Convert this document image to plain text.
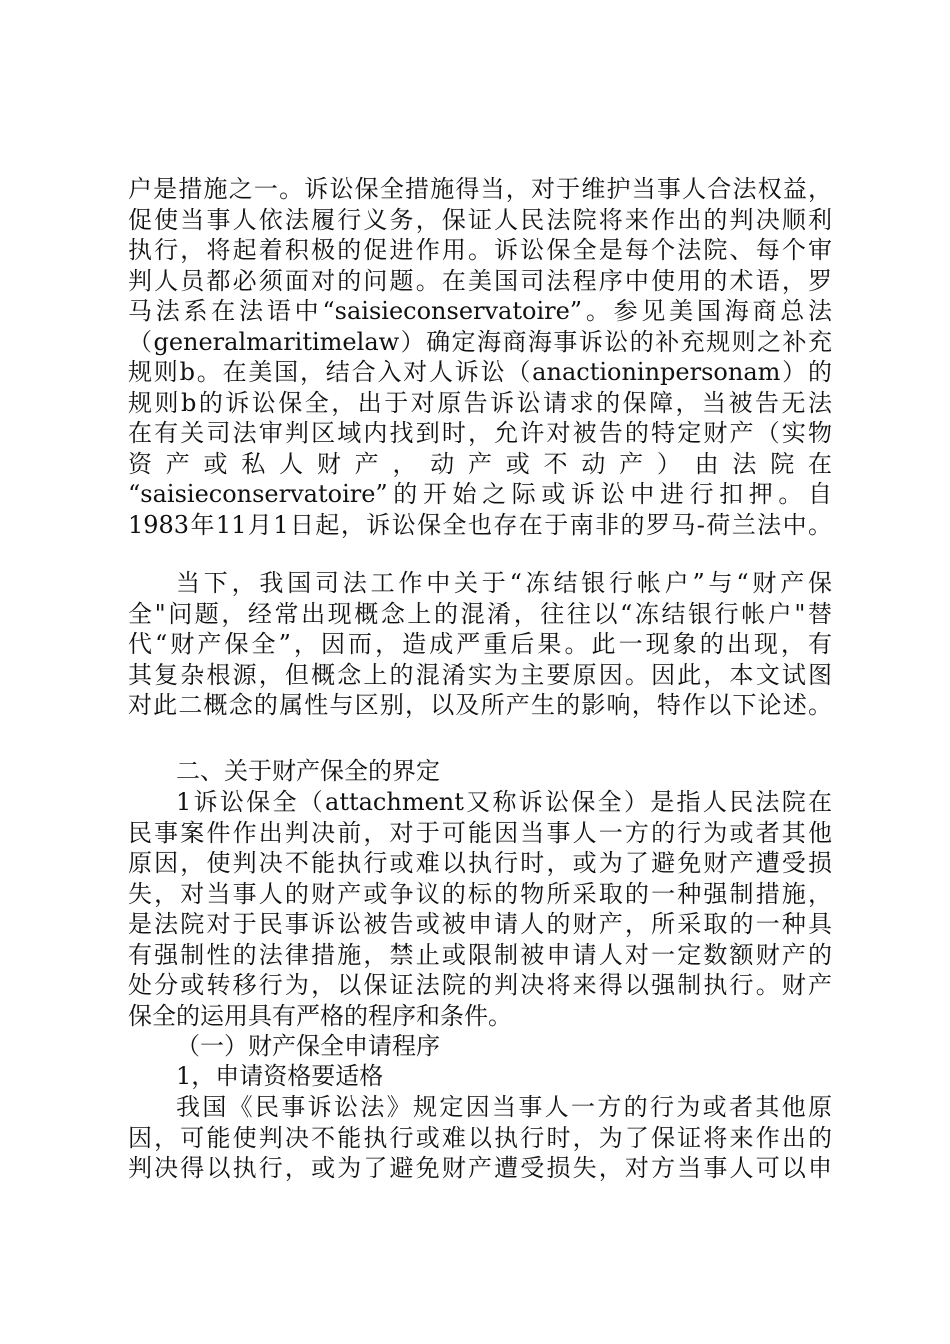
户是措施之一。诉讼保全措施得当，对于维护当事人合法权益，
促使当事人依法履行义务，保证人民法院将来作出的判决顺利
执行，将起着积极的促进作用。诉讼保全是每个法院、每个审
判人员都必须面对的问题。在美国司法程序中使用的术语，罗
马法系在法语中“saisieconservatoire”。参见美国海商总法
（generalmaritimelaw）确定海商海事诉讼的补充规则之补充
规则b。在美国，结合入对人诉讼（anactioninpersonam）的
规则b的诉讼保全，出于对原告诉讼请求的保障，当被告无法
在有关司法审判区域内找到时，允许对被告的特定财产（实物
资 产 或 私 人 财 产 ， 动 产 或 不 动 产 ） 由 法 院 在
“saisieconservatoire”的开始之际或诉讼中进行扣押。自
1983年11月1日起，诉讼保全也存在于南非的罗马-荷兰法中。
当下，我国司法工作中关于“冻结银行帐户”与“财产保
全"问题，经常出现概念上的混淆，往往以“冻结银行帐户"替
代“财产保全”，因而，造成严重后果。此一现象的出现，有
其复杂根源，但概念上的混淆实为主要原因。因此，本文试图
对此二概念的属性与区别，以及所产生的影响，特作以下论述。
二、关于财产保全的界定
1诉讼保全（attachment又称诉讼保全）是指人民法院在
民事案件作出判决前，对于可能因当事人一方的行为或者其他
原因，使判决不能执行或难以执行时，或为了避免财产遭受损
失，对当事人的财产或争议的标的物所采取的一种强制措施，
是法院对于民事诉讼被告或被申请人的财产，所采取的一种具
有强制性的法律措施，禁止或限制被申请人对一定数额财产的
处分或转移行为，以保证法院的判决将来得以强制执行。财产
保全的运用具有严格的程序和条件。
（一）财产保全申请程序
1，申请资格要适格
我国《民事诉讼法》规定因当事人一方的行为或者其他原
因，可能使判决不能执行或难以执行时，为了保证将来作出的
判决得以执行，或为了避免财产遭受损失，对方当事人可以申
